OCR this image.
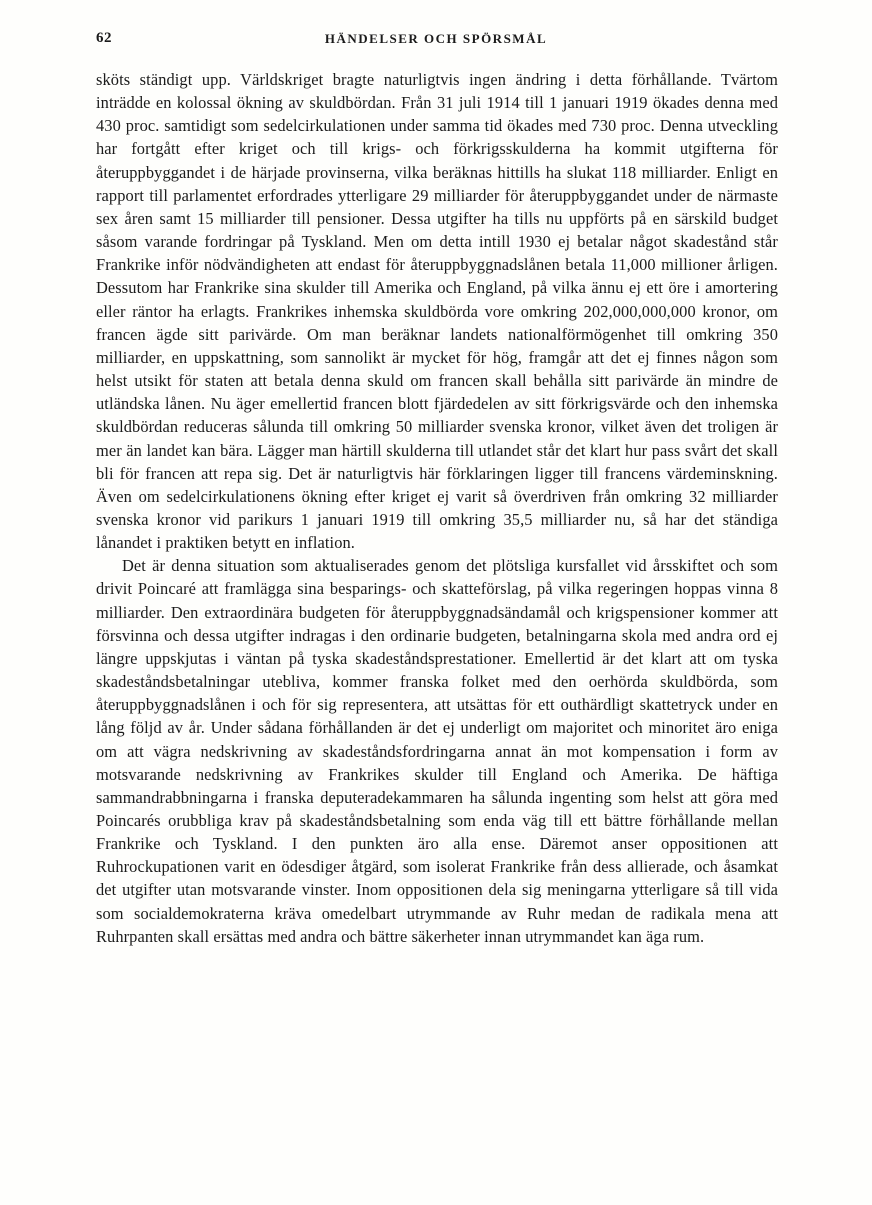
62	HÄNDELSER OCH SPÖRSMÅL

sköts ständigt upp. Världskriget bragte naturligtvis ingen ändring i detta förhållande. Tvärtom inträdde en kolossal ökning av skuldbördan. Från 31 juli 1914 till 1 januari 1919 ökades denna med 430 proc. samtidigt som sedelcirkulationen under samma tid ökades med 730 proc. Denna utveckling har fortgått efter kriget och till krigs- och förkrigsskulderna ha kommit utgifterna för återuppbyggandet i de härjade provinserna, vilka beräknas hittills ha slukat 118 milliarder. Enligt en rapport till parlamentet erfordrades ytterligare 29 milliarder för återuppbyggandet under de närmaste sex åren samt 15 milliarder till pensioner. Dessa utgifter ha tills nu uppförts på en särskild budget såsom varande fordringar på Tyskland. Men om detta intill 1930 ej betalar något skadestånd står Frankrike inför nödvändigheten att endast för återuppbyggnadslånen betala 11,000 millioner årligen. Dessutom har Frankrike sina skulder till Amerika och England, på vilka ännu ej ett öre i amortering eller räntor ha erlagts. Frankrikes inhemska skuldbörda vore omkring 202,000,000,000 kronor, om francen ägde sitt parivärde. Om man beräknar landets nationalförmögenhet till omkring 350 milliarder, en uppskattning, som sannolikt är mycket för hög, framgår att det ej finnes någon som helst utsikt för staten att betala denna skuld om francen skall behålla sitt parivärde än mindre de utländska lånen. Nu äger emellertid francen blott fjärdedelen av sitt förkrigsvärde och den inhemska skuldbördan reduceras sålunda till omkring 50 milliarder svenska kronor, vilket även det troligen är mer än landet kan bära. Lägger man härtill skulderna till utlandet står det klart hur pass svårt det skall bli för francen att repa sig. Det är naturligtvis här förklaringen ligger till francens värdeminskning. Även om sedelcirkulationens ökning efter kriget ej varit så överdriven från omkring 32 milliarder svenska kronor vid parikurs 1 januari 1919 till omkring 35,5 milliarder nu, så har det ständiga lånandet i praktiken betytt en inflation.

Det är denna situation som aktualiserades genom det plötsliga kursfallet vid årsskiftet och som drivit Poincaré att framlägga sina besparings- och skatteförslag, på vilka regeringen hoppas vinna 8 milliarder. Den extraordinära budgeten för återuppbyggnadsändamål och krigspensioner kommer att försvinna och dessa utgifter indragas i den ordinarie budgeten, betalningarna skola med andra ord ej längre uppskjutas i väntan på tyska skadeståndsprestationer. Emellertid är det klart att om tyska skadeståndsbetalningar utebliva, kommer franska folket med den oerhörda skuldbörda, som återuppbyggnadslånen i och för sig representera, att utsättas för ett outhärdligt skattetryck under en lång följd av år. Under sådana förhållanden är det ej underligt om majoritet och minoritet äro eniga om att vägra nedskrivning av skadeståndsfordringarna annat än mot kompensation i form av motsvarande nedskrivning av Frankrikes skulder till England och Amerika. De häftiga sammandrabbningarna i franska deputeradekammaren ha sålunda ingenting som helst att göra med Poincarés orubbliga krav på skadeståndsbetalning som enda väg till ett bättre förhållande mellan Frankrike och Tyskland. I den punkten äro alla ense. Däremot anser oppositionen att Ruhrockupationen varit en ödesdiger åtgärd, som isolerat Frankrike från dess allierade, och åsamkat det utgifter utan motsvarande vinster. Inom oppositionen dela sig meningarna ytterligare så till vida som socialdemokraterna kräva omedelbart utrymmande av Ruhr medan de radikala mena att Ruhrpanten skall ersättas med andra och bättre säkerheter innan utrymmandet kan äga rum.
